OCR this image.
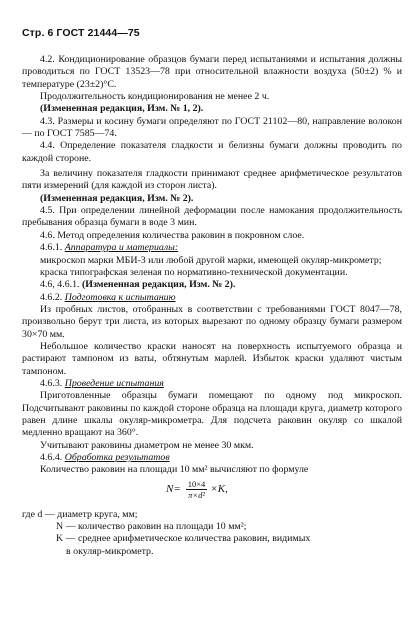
Стр. 6 ГОСТ 21444—75

4.2. Кондиционирование образцов бумаги перед испытаниями и испытания должны проводиться по ГОСТ 13523—78 при относительной влажности воздуха (50±2) % и температуре (23±2)°С.

Продолжительность кондиционирования не менее 2 ч.

(Измененная редакция, Изм. № 1, 2).

4.3. Размеры и косину бумаги определяют по ГОСТ 21102—80, направление волокон — по ГОСТ 7585—74.

4.4. Определение показателя гладкости и белизны бумаги должны проводить по каждой стороне.

За величину показателя гладкости принимают среднее арифметическое результатов пяти измерений (для каждой из сторон листа).

(Измененная редакция, Изм. № 2).

4.5. При определении линейной деформации после намокания продолжительность пребывания образца бумаги в воде 3 мин.

4.6. Метод определения количества раковин в покровном слое.

4.6.1. Аппаратура и материалы:

микроскоп марки МБИ-3 или любой другой марки, имеющей окуляр-микрометр;

краска типографская зеленая по нормативно-технической документации.

4.6, 4.6.1. (Измененная редакция, Изм. № 2).

4.6.2. Подготовка к испытанию

Из пробных листов, отобранных в соответствии с требованиями ГОСТ 8047—78, произвольно берут три листа, из которых вырезают по одному образцу бумаги размером 30×70 мм.

Небольшое количество краски наносят на поверхность испытуемого образца и растирают тампоном из ваты, обтянутым марлей. Избыток краски удаляют чистым тампоном.

4.6.3. Проведение испытания

Приготовленные образцы бумаги помещают по одному под микроскоп. Подсчитывают раковины по каждой стороне образца на площади круга, диаметр которого равен длине шкалы окуляр-микрометра. Для подсчета раковин окуляр со шкалой медленно вращают на 360°.

Учитывают раковины диаметром не менее 30 мкм.

4.6.4. Обработка результатов

Количество раковин на площади 10 мм² вычисляют по формуле

$N= \frac{10\times 4}{\text{π×d²}} \times K$,

где d — диаметр круга, мм;

N — количество раковин на площади 10 мм²;

K — среднее арифметическое количества раковин, видимых

в окуляр-микрометр.
